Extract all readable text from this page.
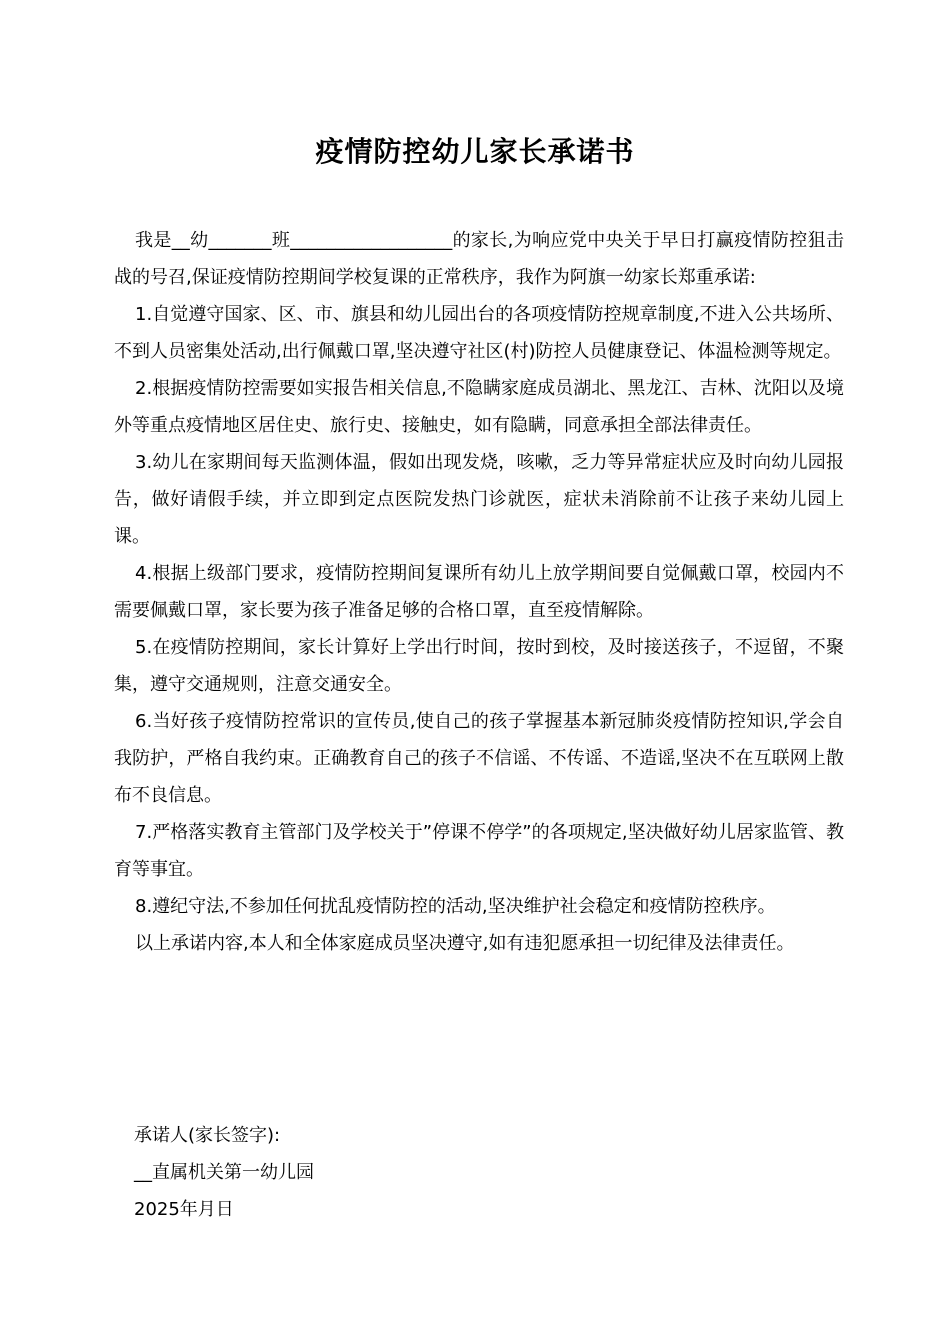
疫情防控幼儿家长承诺书

我是__幼_______班__________________的家长,为响应党中央关于早日打赢疫情防控狙击战的号召,保证疫情防控期间学校复课的正常秩序，我作为阿旗一幼家长郑重承诺:

1.自觉遵守国家、区、市、旗县和幼儿园出台的各项疫情防控规章制度,不进入公共场所、不到人员密集处活动,出行佩戴口罩,坚决遵守社区(村)防控人员健康登记、体温检测等规定。

2.根据疫情防控需要如实报告相关信息,不隐瞒家庭成员湖北、黑龙江、吉林、沈阳以及境外等重点疫情地区居住史、旅行史、接触史，如有隐瞒，同意承担全部法律责任。

3.幼儿在家期间每天监测体温，假如出现发烧，咳嗽，乏力等异常症状应及时向幼儿园报告，做好请假手续，并立即到定点医院发热门诊就医，症状未消除前不让孩子来幼儿园上课。

4.根据上级部门要求，疫情防控期间复课所有幼儿上放学期间要自觉佩戴口罩，校园内不需要佩戴口罩，家长要为孩子准备足够的合格口罩，直至疫情解除。

5.在疫情防控期间，家长计算好上学出行时间，按时到校，及时接送孩子，不逗留，不聚集，遵守交通规则，注意交通安全。

6.当好孩子疫情防控常识的宣传员,使自己的孩子掌握基本新冠肺炎疫情防控知识,学会自我防护，严格自我约束。正确教育自己的孩子不信谣、不传谣、不造谣,坚决不在互联网上散布不良信息。

7.严格落实教育主管部门及学校关于”停课不停学”的各项规定,坚决做好幼儿居家监管、教育等事宜。

8.遵纪守法,不参加任何扰乱疫情防控的活动,坚决维护社会稳定和疫情防控秩序。

以上承诺内容,本人和全体家庭成员坚决遵守,如有违犯愿承担一切纪律及法律责任。

承诺人(家长签字):
__直属机关第一幼儿园
2025年月日
